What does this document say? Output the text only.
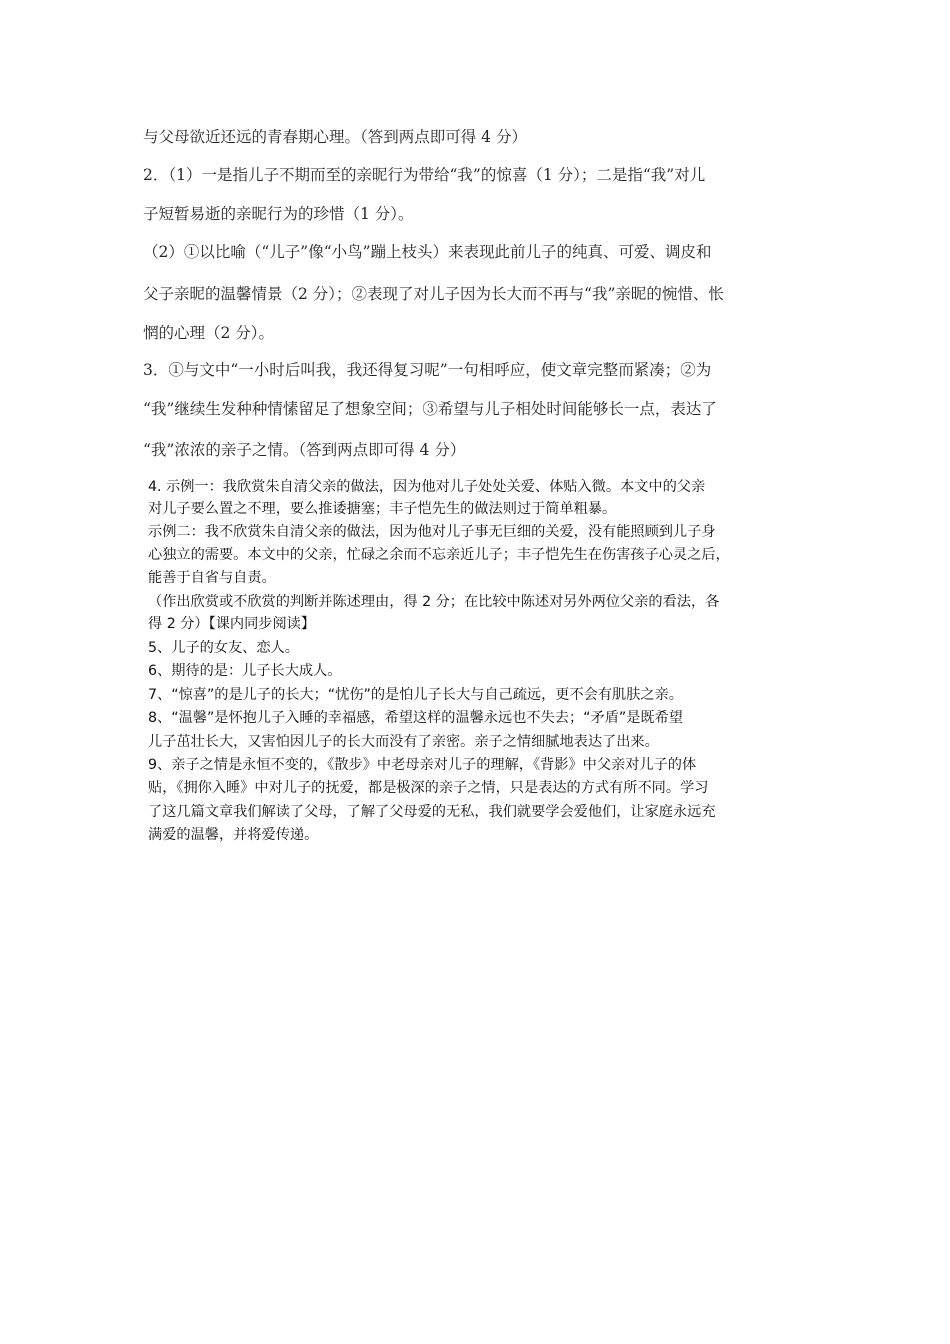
与父母欲近还远的青春期心理。（答到两点即可得 4 分）
2．（1）一是指儿子不期而至的亲昵行为带给“我”的惊喜（1 分）；二是指“我”对儿
子短暂易逝的亲昵行为的珍惜（1 分）。
（2）①以比喻（“儿子”像“小鸟”蹦上枝头）来表现此前儿子的纯真、可爱、调皮和
父子亲昵的温馨情景（2 分）；②表现了对儿子因为长大而不再与“我”亲昵的惋惜、怅
惘的心理（2 分）。
3．①与文中“一小时后叫我，我还得复习呢”一句相呼应，使文章完整而紧凑；②为
“我”继续生发种种情愫留足了想象空间；③希望与儿子相处时间能够长一点，表达了
“我”浓浓的亲子之情。（答到两点即可得 4 分）
4. 示例一：我欣赏朱自清父亲的做法，因为他对儿子处处关爱、体贴入微。本文中的父亲
对儿子要么置之不理，要么推诿搪塞；丰子恺先生的做法则过于简单粗暴。
示例二：我不欣赏朱自清父亲的做法，因为他对儿子事无巨细的关爱，没有能照顾到儿子身
心独立的需要。本文中的父亲，忙碌之余而不忘亲近儿子；丰子恺先生在伤害孩子心灵之后，
能善于自省与自责。
（作出欣赏或不欣赏的判断并陈述理由，得 2 分；在比较中陈述对另外两位父亲的看法，各
得 2 分）【课内同步阅读】
5、儿子的女友、恋人。
6、期待的是：儿子长大成人。
7、“惊喜”的是儿子的长大；“忧伤”的是怕儿子长大与自己疏远，更不会有肌肤之亲。
8、“温馨”是怀抱儿子入睡的幸福感，希望这样的温馨永远也不失去；“矛盾”是既希望
儿子茁壮长大，又害怕因儿子的长大而没有了亲密。亲子之情细腻地表达了出来。
9、亲子之情是永恒不变的，《散步》中老母亲对儿子的理解，《背影》中父亲对儿子的体
贴，《拥你入睡》中对儿子的抚爱，都是极深的亲子之情，只是表达的方式有所不同。学习
了这几篇文章我们解读了父母，了解了父母爱的无私，我们就要学会爱他们，让家庭永远充
满爱的温馨，并将爱传递。
